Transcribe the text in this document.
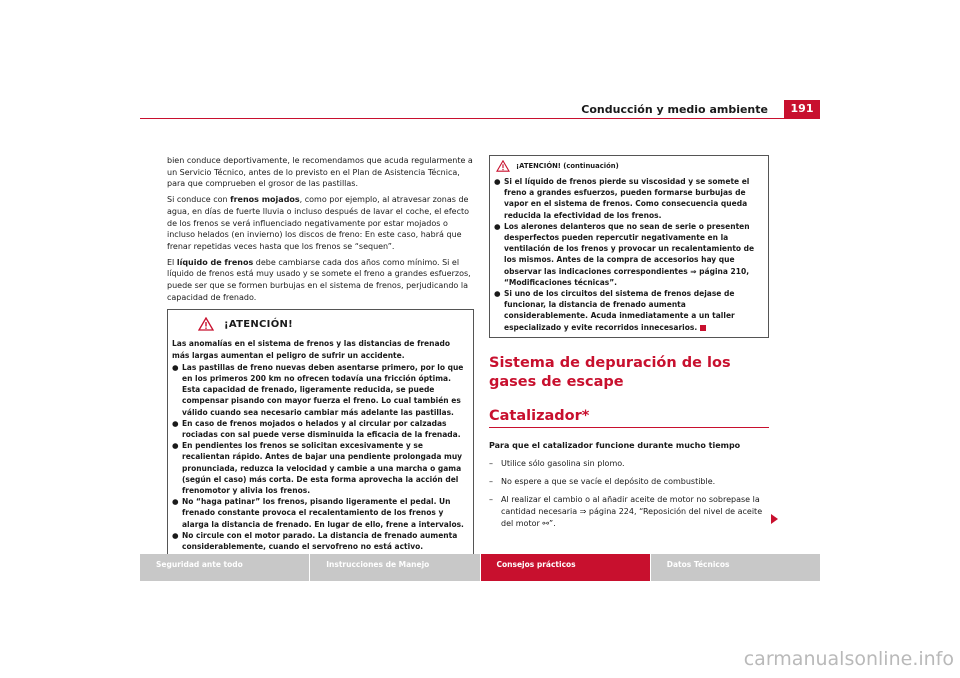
Conducción y medio ambiente	191

bien conduce deportivamente, le recomendamos que acuda regularmente a un Servicio Técnico, antes de lo previsto en el Plan de Asistencia Técnica, para que comprueben el grosor de las pastillas.

Si conduce con frenos mojados, como por ejemplo, al atravesar zonas de agua, en días de fuerte lluvia o incluso después de lavar el coche, el efecto de los frenos se verá influenciado negativamente por estar mojados o incluso helados (en invierno) los discos de freno: En este caso, habrá que frenar repetidas veces hasta que los frenos se “sequen”.

El líquido de frenos debe cambiarse cada dos años como mínimo. Si el líquido de frenos está muy usado y se somete el freno a grandes esfuerzos, puede ser que se formen burbujas en el sistema de frenos, perjudicando la capacidad de frenado.

¡ATENCIÓN!

Las anomalías en el sistema de frenos y las distancias de frenado más largas aumentan el peligro de sufrir un accidente.

● Las pastillas de freno nuevas deben asentarse primero, por lo que en los primeros 200 km no ofrecen todavía una fricción óptima. Esta capacidad de frenado, ligeramente reducida, se puede compensar pisando con mayor fuerza el freno. Lo cual también es válido cuando sea necesario cambiar más adelante las pastillas.
● En caso de frenos mojados o helados y al circular por calzadas rociadas con sal puede verse disminuida la eficacia de la frenada.
● En pendientes los frenos se solicitan excesivamente y se recalientan rápido. Antes de bajar una pendiente prolongada muy pronunciada, reduzca la velocidad y cambie a una marcha o gama (según el caso) más corta. De esta forma aprovecha la acción del frenomotor y alivia los frenos.
● No “haga patinar” los frenos, pisando ligeramente el pedal. Un frenado constante provoca el recalentamiento de los frenos y alarga la distancia de frenado. En lugar de ello, frene a intervalos.
● No circule con el motor parado. La distancia de frenado aumenta considerablemente, cuando el servofreno no está activo.
¡ATENCIÓN! (continuación)
● Si el líquido de frenos pierde su viscosidad y se somete el freno a grandes esfuerzos, pueden formarse burbujas de vapor en el sistema de frenos. Como consecuencia queda reducida la efectividad de los frenos.
● Los alerones delanteros que no sean de serie o presenten desperfectos pueden repercutir negativamente en la ventilación de los frenos y provocar un recalentamiento de los mismos. Antes de la compra de accesorios hay que observar las indicaciones correspondientes ⇒ página 210, “Modificaciones técnicas”.
● Si uno de los circuitos del sistema de frenos dejase de funcionar, la distancia de frenado aumenta considerablemente. Acuda inmediatamente a un taller especializado y evite recorridos innecesarios.
Sistema de depuración de los gases de escape
Catalizador*

Para que el catalizador funcione durante mucho tiempo

–	Utilice sólo gasolina sin plomo.
–	No espere a que se vacíe el depósito de combustible.
–	Al realizar el cambio o al añadir aceite de motor no sobrepase la cantidad necesaria ⇒ página 224, “Reposición del nivel de aceite del motor ⚯”.
Seguridad ante todo	Instrucciones de Manejo	Consejos prácticos	Datos Técnicos
carmanualsonline.info
